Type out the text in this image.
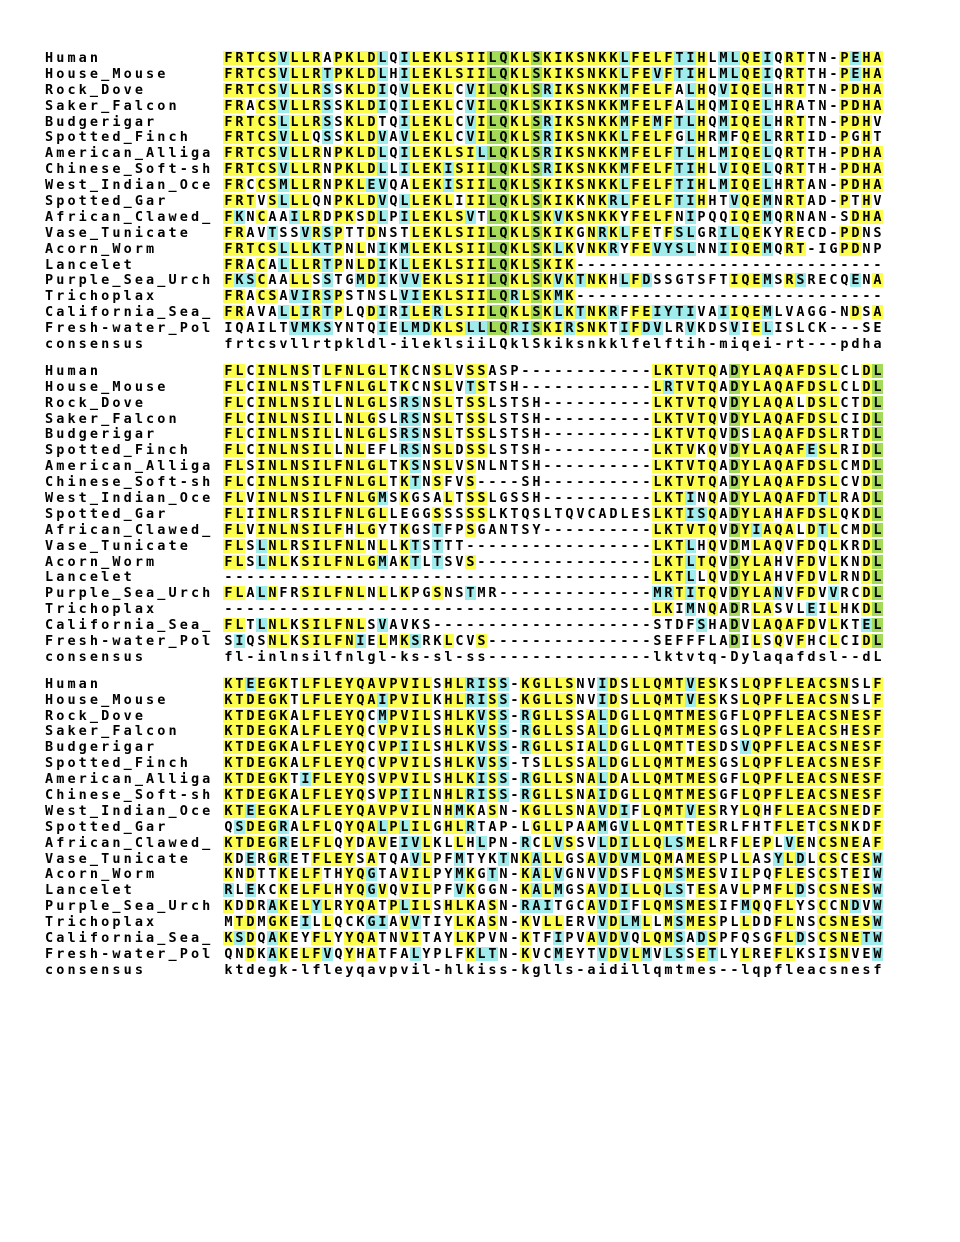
Human	F R T C S V L L R A P K L D L Q I L E K L S I I L Q K L S K I K S N K K L F E L F T I H L M L Q E I Q R T T N - P E H A
House_Mouse	F R T C S V L L R T P K L D L H I L E K L S I I L Q K L S K I K S N K K L F E V F T I H L M L Q E I Q R T T H - P E H A
Rock_Dove	F R T C S V L L R S S K L D I Q V L E K L C V I L Q K L S R I K S N K K M F E L F A L H Q V I Q E L H R T T N - P D H A
Saker_Falcon	F R A C S V L L R S S K L D I Q I L E K L C V I L Q K L S K I K S N K K M F E L F A L H Q M I Q E L H R A T N - P D H A
Budgerigar	F R T C S L L L R S S K L D T Q I L E K L C V I L Q K L S R I K S N K K M F E M F T L H Q M I Q E L H R T T N - P D H V
Spotted_Finch	F R T C S V L L Q S S K L D V A V L E K L C V I L Q K L S R I K S N K K L F E L F G L H R M F Q E L R R T I D - P G H T
American_Alliga F R T C S V L L R N P K L D L Q I L E K L S I L L Q K L S R I K S N K K M F E L F T L H L M I Q E L Q R T T H - P D H A
Chinese_Soft-sh F R T C S V L L R N P K L D L L I L E K I S I I L Q K L S R I K S N K K M F E L F T I H L V I Q E L Q R T T H - P D H A
West_Indian_Oce F R C C S M L L R N P K L E V Q A L E K I S I I L Q K L S K I K S N K K L F E L F T I H L M I Q E L H R T A N - P D H A
Spotted_Gar	F R T V S L L L Q N P K L D V Q L L E K L I I I L Q K L S K I K K N K R L F E L F T I H H T V Q E M N R T A D - P T H V
African_Clawed_ F K N C A A I L R D P K S D L P I L E K L S V T L Q K L S K V K S N K K Y F E L F N I P Q Q I Q E M Q R N A N - S D H A
Vase_Tunicate	F R A V T S S V R S P T T D N S T L E K L S I I L Q K L S K I K G N R K L F E T F S L G R I L Q E K Y R E C D - P D N S
Acorn_Worm	F R T C S L L L K T P N L N I K M L E K L S I I L Q K L S K L K V N K R Y F E V Y S L N N I I Q E M Q R T - I G P D N P
Lancelet	F R A C A L L L R T P N L D I K L L E K L S I I L Q K L S K I K - - - - - - - - - - - - - - - - - - - - - - - - - - - -
Purple_Sea_Urch F K S C A A L L S S T G M D I K V V E K L S I I L Q K L S K V K T N K H L F D S S G T S F T I Q E M S R S R E C Q E N A
Trichoplax	F R A C S A V I R S P S T N S L V I E K L S I I L Q R L S K M K - - - - - - - - - - - - - - - - - - - - - - - - - - - -
California_Sea_ F R A V A L L I R T P L Q D I R I L E R L S I I L Q K L S K L K T N K R F F E I Y T I V A I I Q E M L V A G G - N D S A
Fresh-water_Pol I Q A I L T V M K S Y N T Q I E L M D K L S L L L Q R I S K I R S N K T I F D V L R V K D S V I E L I S L C K - - - S E
consensus	f r t c s v l l r t p k l d l - i l e k l s i i L Q k l S k i k s n k k l f e l f t i h - m i q e i - r t - - - p d h a
Human	F L C I N L N S T L F N L G L T K C N S L V S S A S P - - - - - - - - - - - - L K T V T Q A D Y L A Q A F D S L C L D L
House_Mouse	F L C I N L N S T L F N L G L T K C N S L V T S T S H - - - - - - - - - - - - L R T V T Q A D Y L A Q A F D S L C L D L
Rock_Dove	F L C I N L N S I L L N L G L S R S N S L T S S L S T S H - - - - - - - - - - L K T V T Q V D Y L A Q A L D S L C T D L
Saker_Falcon	F L C I N L N S I L L N L G S L R S N S L T S S L S T S H - - - - - - - - - - L K T V T Q V D Y L A Q A F D S L C I D L
Budgerigar	F L C I N L N S I L L N L G L S R S N S L T S S L S T S H - - - - - - - - - - L K T V T Q V D S L A Q A F D S L R T D L
Spotted_Finch	F L C I N L N S I L L N L E F L R S N S L D S S L S T S H - - - - - - - - - - L K T V K Q V D Y L A Q A F E S L R I D L
American_Alliga F L S I N L N S I L F N L G L T K S N S L V S N L N T S H - - - - - - - - - - L K T V T Q A D Y L A Q A F D S L C M D L
Chinese_Soft-sh F L C I N L N S I L F N L G L T K T N S F V S - - - - S H - - - - - - - - - - L K T V T Q A D Y L A Q A F D S L C V D L
West_Indian_Oce F L V I N L N S I L F N L G M S K G S A L T S S L G S S H - - - - - - - - - - L K T I N Q A D Y L A Q A F D T L R A D L
Spotted_Gar	F L I I N L R S I L F N L G L L E G G S S S S S L K T Q S L T Q V C A D L E S L K T I S Q A D Y L A H A F D S L Q K D L
African_Clawed_ F L V I N L N S I L F H L G Y T K G S T F P S G A N T S Y - - - - - - - - - - L K T V T Q V D Y I A Q A L D T L C M D L
Vase_Tunicate	F L S L N L R S I L F N L N L L K T S T T T - - - - - - - - - - - - - - - - - L K T L H Q V D M L A Q V F D Q L K R D L
Acorn_Worm	F L S L N L K S I L F N L G M A K T L T S V S - - - - - - - - - - - - - - - - L K T L T Q V D Y L A H V F D V L K N D L
Lancelet	- - - - - - - - - - - - - - - - - - - - - - - - - - - - - - - - - - - - - - - L K T L L Q V D Y L A H V F D V L R N D L
Purple_Sea_Urch F L A L N F R S I L F N L N L L K P G S N S T M R - - - - - - - - - - - - - - M R T I T Q V D Y L A N V F D V V R C D L
Trichoplax	- - - - - - - - - - - - - - - - - - - - - - - - - - - - - - - - - - - - - - - L K I M N Q A D R L A S V L E I L H K D L
California_Sea_ F L T L N L K S I L F N L S V A V K S - - - - - - - - - - - - - - - - - - - - S T D F S H A D V L A Q A F D V L K T E L
Fresh-water_Pol S I Q S N L K S I L F N I E L M K S R K L C V S - - - - - - - - - - - - - - - S E F F F L A D I L S Q V F H C L C I D L
consensus	f l - i n l n s i l f n l g l - k s - s l - s s - - - - - - - - - - - - - - - l k t v t q - D y l a q a f d s l - - d L
Human	K T E E G K T L F L E Y Q A V P V I L S H L R I S S - K G L L S N V I D S L L Q M T V E S K S L Q P F L E A C S N S L F
House_Mouse	K T D E G K T L F L E Y Q A I P V I L K H L R I S S - K G L L S N V I D S L L Q M T V E S K S L Q P F L E A C S N S L F
Rock_Dove	K T D E G K A L F L E Y Q C M P V I L S H L K V S S - R G L L S S A L D G L L Q M T M E S G F L Q P F L E A C S N E S F
Saker_Falcon	K T D E G K A L F L E Y Q C V P V I L S H L K V S S - R G L L S S A L D G L L Q M T M E S G S L Q P F L E A C S H E S F
Budgerigar	K T D E G K A L F L E Y Q C V P I I L S H L K V S S - R G L L S I A L D G L L Q M T T E S D S V Q P F L E A C S N E S F
Spotted_Finch	K T D E G K A L F L E Y Q C V P V I L S H L K V S S - T S L L S S A L D G L L Q M T M E S G S L Q P F L E A C S N E S F
American_Alliga K T D E G K T I F L E Y Q S V P V I L S H L K I S S - R G L L S N A L D A L L Q M T M E S G F L Q P F L E A C S N E S F
Chinese_Soft-sh K T D E G K A L F L E Y Q S V P I I L N H L R I S S - R G L L S N A I D G L L Q M T M E S G F L Q P F L E A C S N E S F
West_Indian_Oce K T E E G K A L F L E Y Q A V P V I L N H M K A S N - K G L L S N A V D I F L Q M T V E S R Y L Q H F L E A C S N E D F
Spotted_Gar	Q S D E G R A L F L Q Y Q A L P L I L G H L R T A P - L G L L P A A M G V L L Q M T T E S R L F H T F L E T C S N K D F
African_Clawed_ K T D E G R E L F L Q Y D A V E I V L K L L H L P N - R C L V S S V L D I L L Q L S M E L R F L E P L V E N C S N E A F
Vase_Tunicate	K D E R G R E T F L E Y S A T Q A V L P F M T Y K T N K A L L G S A V D V M L Q M A M E S P L L A S Y L D L C S C E S W
Acorn_Worm	K N D T T K E L F T H Y Q G T A V I L P Y M K G T N - K A L V G N V V D S F L Q M S M E S V I L P Q F L E S C S T E I W
Lancelet	R L E K C K E L F L H Y Q G V Q V I L P F V K G G N - K A L M G S A V D I L L Q L S T E S A V L P M F L D S C S N E S W
Purple_Sea_Urch K D D R A K E L Y L R Y Q A T P L I L S H L K A S N - R A I T G C A V D I F L Q M S M E S I F M Q Q F L Y S C C N D V W
Trichoplax	M T D M G K E I L L Q C K G I A V V T I Y L K A S N - K V L L E R V V D L M L L M S M E S P L L D D F L N S C S N E S W
California_Sea_ K S D Q A K E Y F L Y Y Q A T N V I T A Y L K P V N - K T F I P V A V D V Q L Q M S A D S P F Q S G F L D S C S N E T W
Fresh-water_Pol Q N D K A K E L F V Q Y H A T F A L Y P L F K L T N - K V C M E Y T V D V L M V L S S E T L Y L R E F L K S I S N V E W
consensus	k t d e g k - l f l e y q a v p v i l - h l k i s s - k g l l s - a i d i l l q m t m e s - - l q p f l e a c s n e s f
